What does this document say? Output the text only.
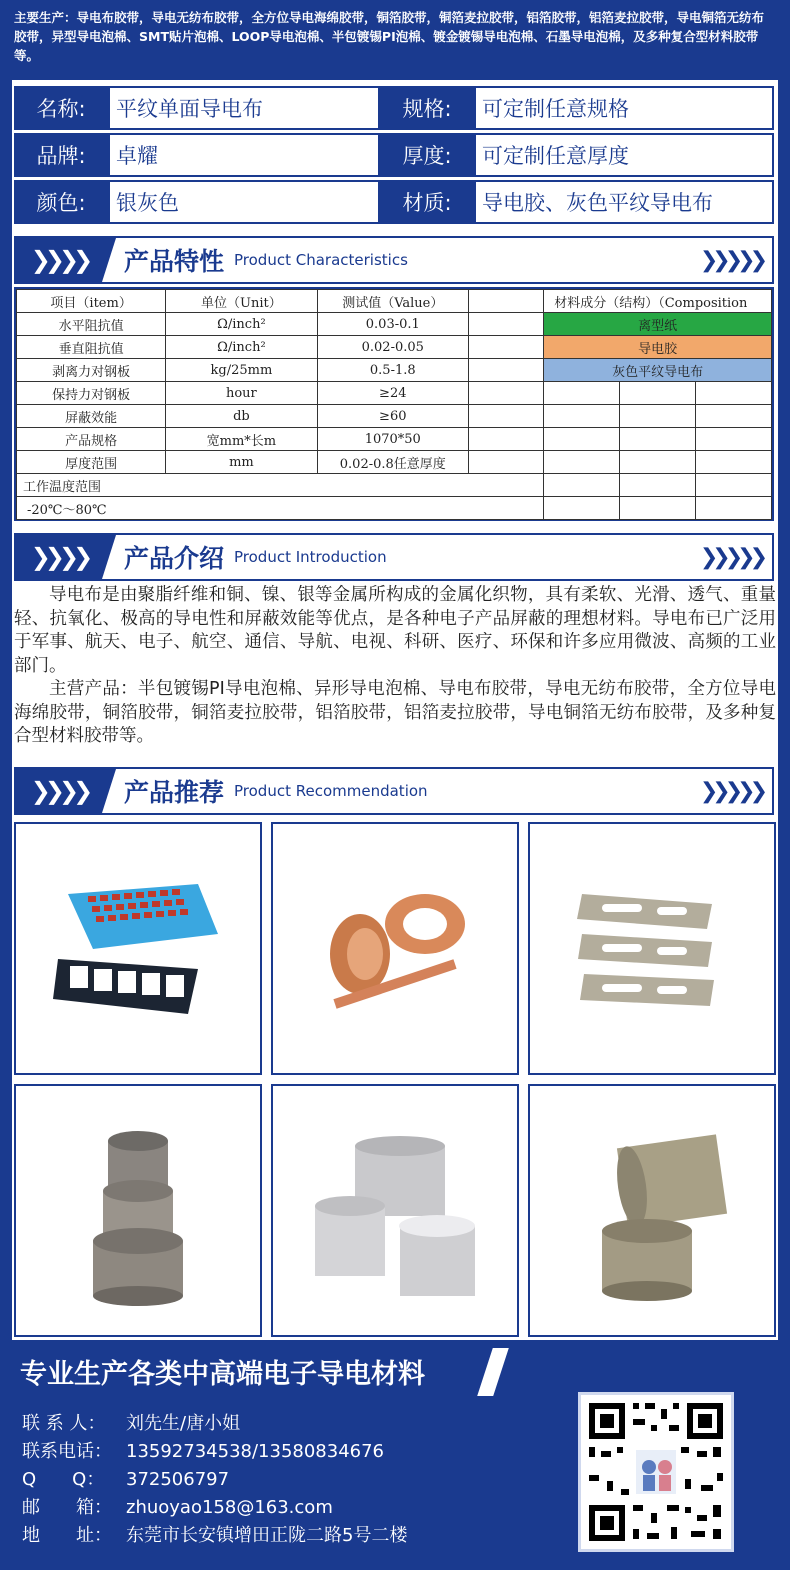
主要生产：导电布胶带，导电无纺布胶带，全方位导电海绵胶带，铜箔胶带，铜箔麦拉胶带，铝箔胶带，铝箔麦拉胶带，导电铜箔无纺布胶带，异型导电泡棉、SMT贴片泡棉、LOOP导电泡棉、半包镀锡PI泡棉、镀金镀锡导电泡棉、石墨导电泡棉，及多种复合型材料胶带等。
名称:	平纹单面导电布	规格:	可定制任意规格
品牌:	卓耀	厚度:	可定制任意厚度
颜色:	银灰色	材质:	导电胶、灰色平纹导电布
❯❯❯❯ 产品特性 Product Characteristics	❯❯❯❯❯
项目（item）	单位（Unit）	测试值（Value）		材料成分（结构）（Composition		
水平阻抗值	Ω/inch²	0.03-0.1		离型纸		
垂直阻抗值	Ω/inch²	0.02-0.05		导电胶		
剥离力对钢板	kg/25mm	0.5-1.8		灰色平纹导电布		
保持力对钢板	hour	≥24				
屏蔽效能	db	≥60				
产品规格	宽mm*长m	1070*50				
厚度范围	mm	0.02-0.8任意厚度				
工作温度范围						
-20℃～80℃						
❯❯❯❯ 产品介绍 Product Introduction	❯❯❯❯❯

导电布是由聚脂纤维和铜、镍、银等金属所构成的金属化织物，具有柔软、光滑、透气、重量轻、抗氧化、极高的导电性和屏蔽效能等优点，是各种电子产品屏蔽的理想材料。导电布已广泛用于军事、航天、电子、航空、通信、导航、电视、科研、医疗、环保和许多应用微波、高频的工业部门。

主营产品：半包镀锡PI导电泡棉、异形导电泡棉、导电布胶带，导电无纺布胶带，全方位导电海绵胶带，铜箔胶带，铜箔麦拉胶带，铝箔胶带，铝箔麦拉胶带，导电铜箔无纺布胶带，及多种复合型材料胶带等。

❯❯❯❯ 产品推荐 Product Recommendation	❯❯❯❯❯
专业生产各类中高端电子导电材料
联 系 人：	刘先生/唐小姐
联系电话： 13592734538/13580834676
Q　　Q：	372506797
邮　　箱： zhuoyao158@163.com
地　　址： 东莞市长安镇增田正陇二路5号二楼
